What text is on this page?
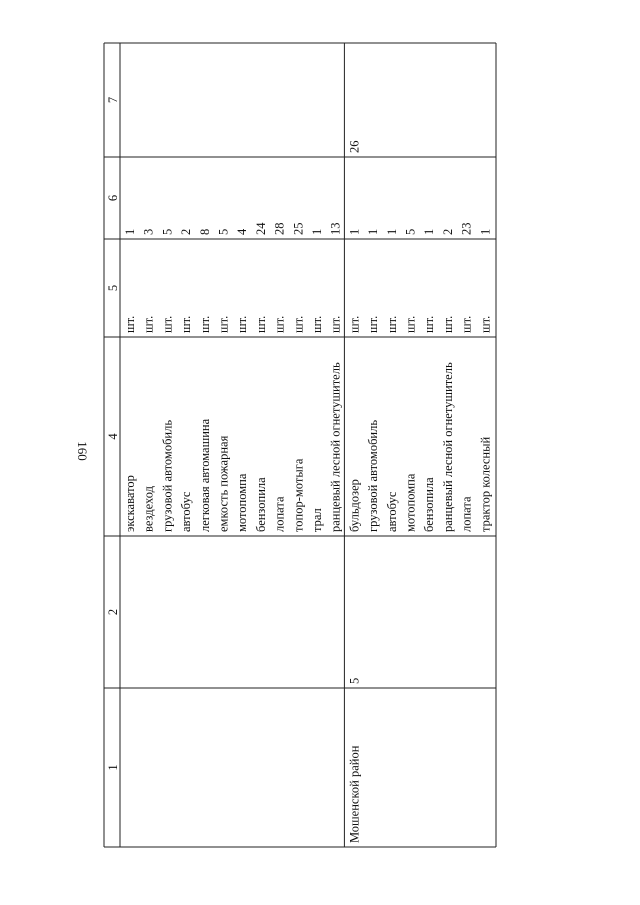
160
1
2
4
5
6
7
экскаватор
шт.
1
вездеход
шт.
3
грузовой автомобиль
шт.
5
автобус
шт.
2
легковая автомашина
шт.
8
емкость пожарная
шт.
5
мотопомпа
шт.
4
бензопила
шт.
24
лопата
шт.
28
топор-мотыга
шт.
25
трал
шт.
1
ранцевый лесной огнетушитель
шт.
13
Мошенской район
5
26
бульдозер
шт.
1
грузовой автомобиль
шт.
1
автобус
шт.
1
мотопомпа
шт.
5
бензопила
шт.
1
ранцевый лесной огнетушитель
шт.
2
лопата
шт.
23
трактор колесный
шт.
1
